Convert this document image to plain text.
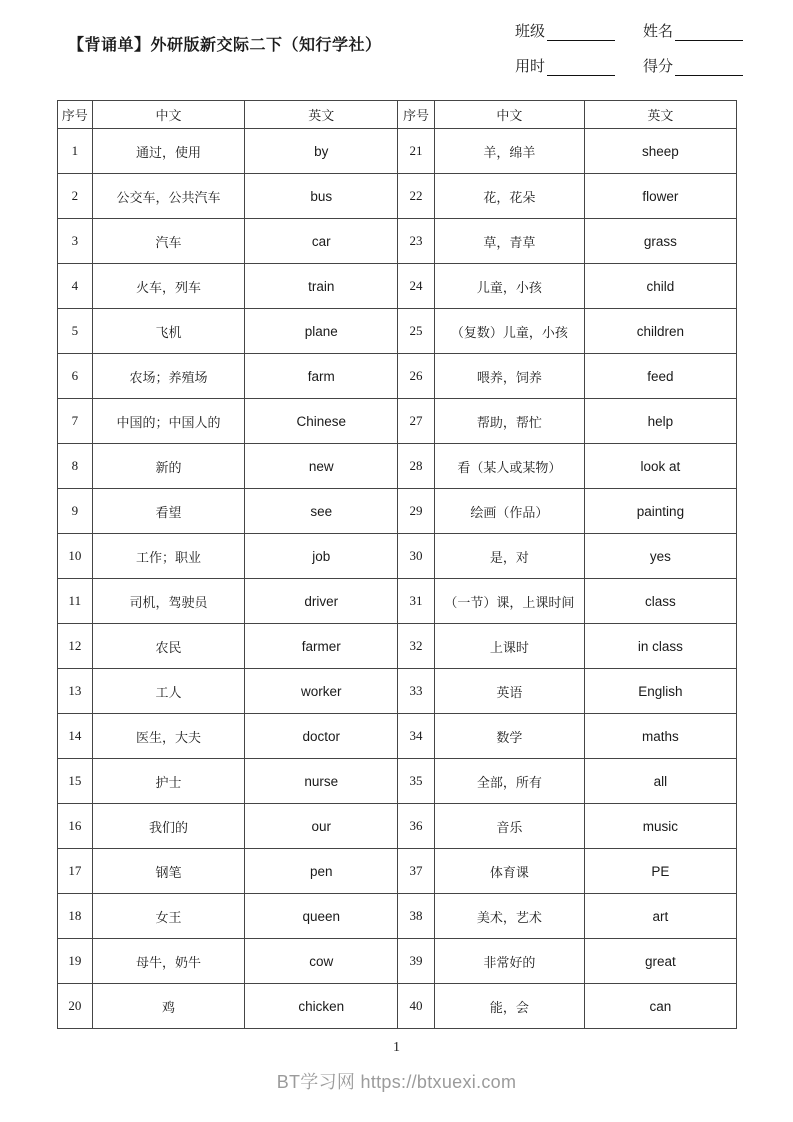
【背诵单】外研版新交际二下（知行学社）
班级	姓名
用时	得分
序号	中文	英文	序号	中文	英文
1	通过，使用	by	21	羊，绵羊	sheep
2	公交车，公共汽车	bus	22	花，花朵	flower
3	汽车	car	23	草，青草	grass
4	火车，列车	train	24	儿童，小孩	child
5	飞机	plane	25	（复数）儿童，小孩	children
6	农场；养殖场	farm	26	喂养，饲养	feed
7	中国的；中国人的	Chinese	27	帮助，帮忙	help
8	新的	new	28	看（某人或某物）	look at
9	看望	see	29	绘画（作品）	painting
10	工作；职业	job	30	是，对	yes
11	司机，驾驶员	driver	31	（一节）课，上课时间	class
12	农民	farmer	32	上课时	in class
13	工人	worker	33	英语	English
14	医生，大夫	doctor	34	数学	maths
15	护士	nurse	35	全部，所有	all
16	我们的	our	36	音乐	music
17	钢笔	pen	37	体育课	PE
18	女王	queen	38	美术，艺术	art
19	母牛，奶牛	cow	39	非常好的	great
20	鸡	chicken	40	能，会	can
1
BT学习网 https://btxuexi.com
